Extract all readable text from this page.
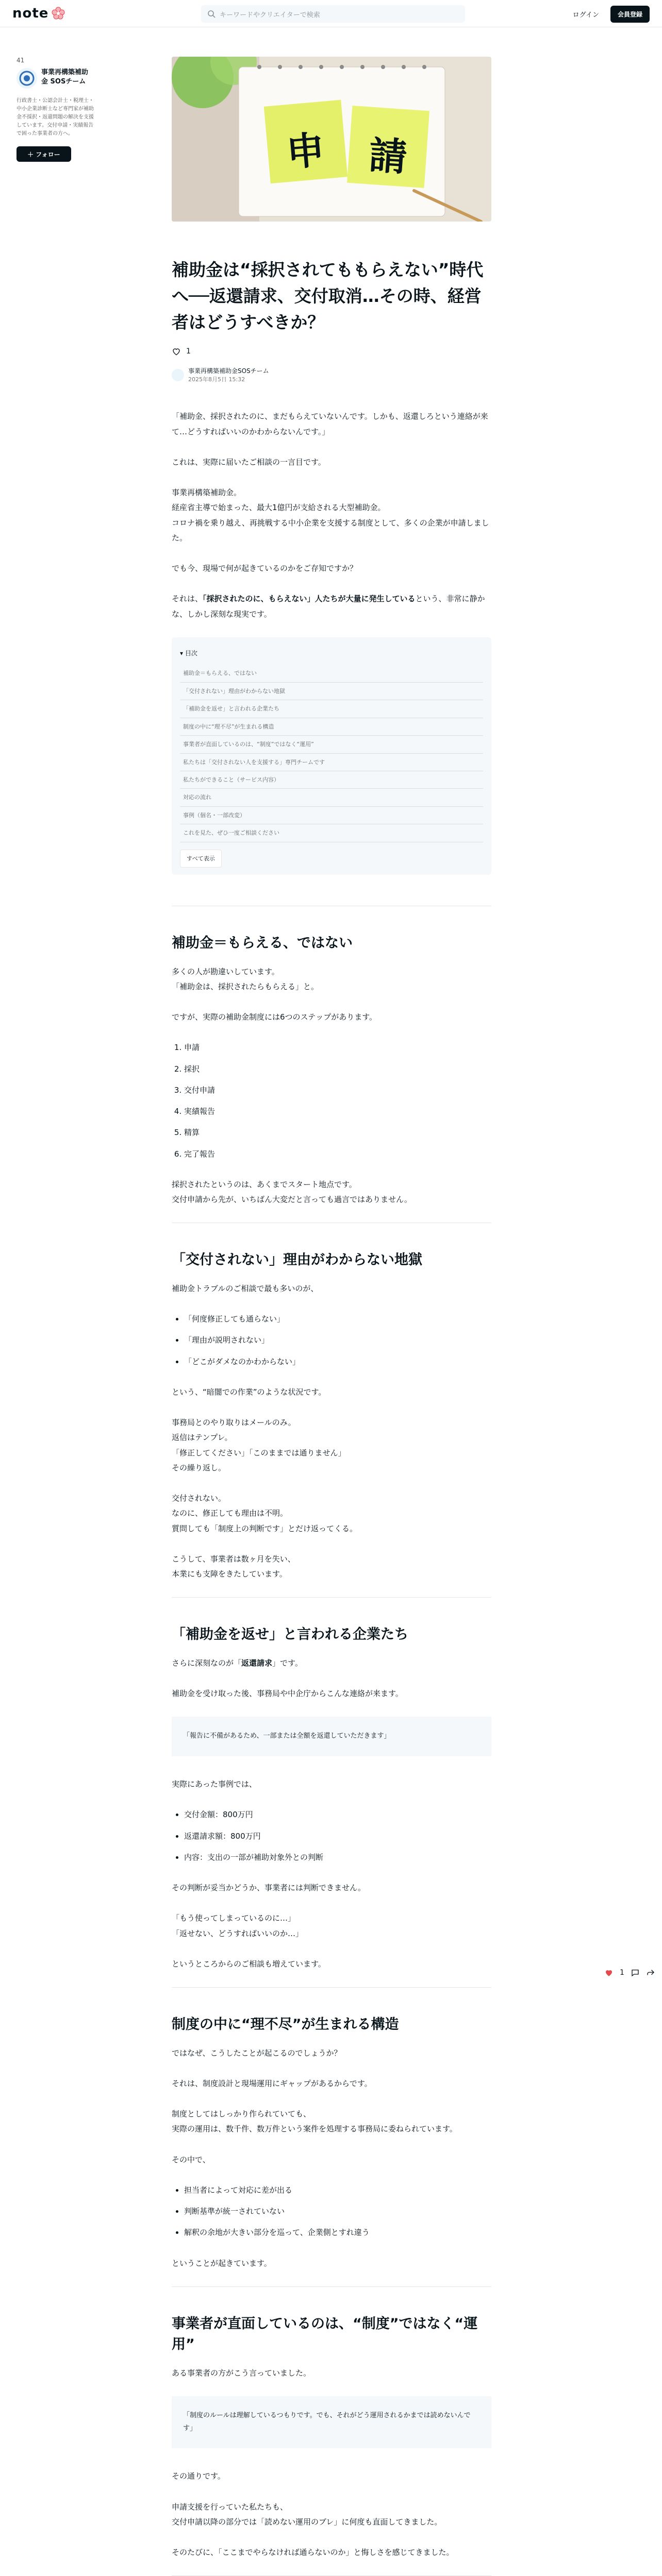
note	キーワードやクリエイターで検索	ログイン	会員登録
41
事業再構築補助金 SOSチーム
行政書士・公認会計士・税理士・中小企業診断士など専門家が補助金不採択・返還問題の解決を支援しています。交付申請・実績報告で困った事業者の方へ。
＋ フォロー	申 請
補助金は“採択されてももらえない”時代へ──返還請求、交付取消…その時、経営者はどうすべきか？
1
事業再構築補助金SOSチーム
2025年8月5日 15:32

「補助金、採択されたのに、まだもらえていないんです。しかも、返還しろという連絡が来て…どうすればいいのかわからないんです。」

これは、実際に届いたご相談の一言目です。

事業再構築補助金。
経産省主導で始まった、最大1億円が支給される大型補助金。
コロナ禍を乗り越え、再挑戦する中小企業を支援する制度として、多くの企業が申請しました。

でも今、現場で何が起きているのかをご存知ですか？

それは、「採択されたのに、もらえない」人たちが大量に発生しているという、非常に静かな、しかし深刻な現実です。

▾ 目次
補助金＝もらえる、ではない
「交付されない」理由がわからない地獄
「補助金を返せ」と言われる企業たち
制度の中に“理不尽”が生まれる構造
事業者が直面しているのは、“制度”ではなく“運用”
私たちは「交付されない人を支援する」専門チームです
私たちができること（サービス内容）
対応の流れ
事例（個名・一部改変）
これを見た、ぜひ一度ご相談ください
すべて表示
補助金＝もらえる、ではない

多くの人が勘違いしています。
「補助金は、採択されたらもらえる」と。

ですが、実際の補助金制度には6つのステップがあります。

1. 申請
2. 採択
3. 交付申請
4. 実績報告
5. 精算
6. 完了報告

採択されたというのは、あくまでスタート地点です。
交付申請から先が、いちばん大変だと言っても過言ではありません。

「交付されない」理由がわからない地獄

補助金トラブルのご相談で最も多いのが、

• 「何度修正しても通らない」
• 「理由が説明されない」
• 「どこがダメなのかわからない」

という、“暗闇での作業”のような状況です。

事務局とのやり取りはメールのみ。
返信はテンプレ。
「修正してください」「このままでは通りません」
その繰り返し。

交付されない。
なのに、修正しても理由は不明。
質問しても「制度上の判断です」とだけ返ってくる。

こうして、事業者は数ヶ月を失い、
本業にも支障をきたしています。

「補助金を返せ」と言われる企業たち

さらに深刻なのが「返還請求」です。

補助金を受け取った後、事務局や中企庁からこんな連絡が来ます。

「報告に不備があるため、一部または全額を返還していただきます」

実際にあった事例では、

• 交付金額：800万円
• 返還請求額：800万円
• 内容：支出の一部が補助対象外との判断

その判断が妥当かどうか、事業者には判断できません。

「もう使ってしまっているのに…」
「返せない、どうすればいいのか…」

というところからのご相談も増えています。

制度の中に“理不尽”が生まれる構造

ではなぜ、こうしたことが起こるのでしょうか？

それは、制度設計と現場運用にギャップがあるからです。

制度としてはしっかり作られていても、
実際の運用は、数千件、数万件という案件を処理する事務局に委ねられています。

その中で、

• 担当者によって対応に差が出る
• 判断基準が統一されていない
• 解釈の余地が大きい部分を巡って、企業側とすれ違う

ということが起きています。

事業者が直面しているのは、“制度”ではなく“運用”

ある事業者の方がこう言っていました。

「制度のルールは理解しているつもりです。でも、それがどう運用されるかまでは読めないんです」

その通りです。

申請支援を行っていた私たちも、
交付申請以降の部分では「読めない運用のブレ」に何度も直面してきました。

そのたびに、「ここまでやらなければ通らないのか」と悔しさを感じてきました。

1
